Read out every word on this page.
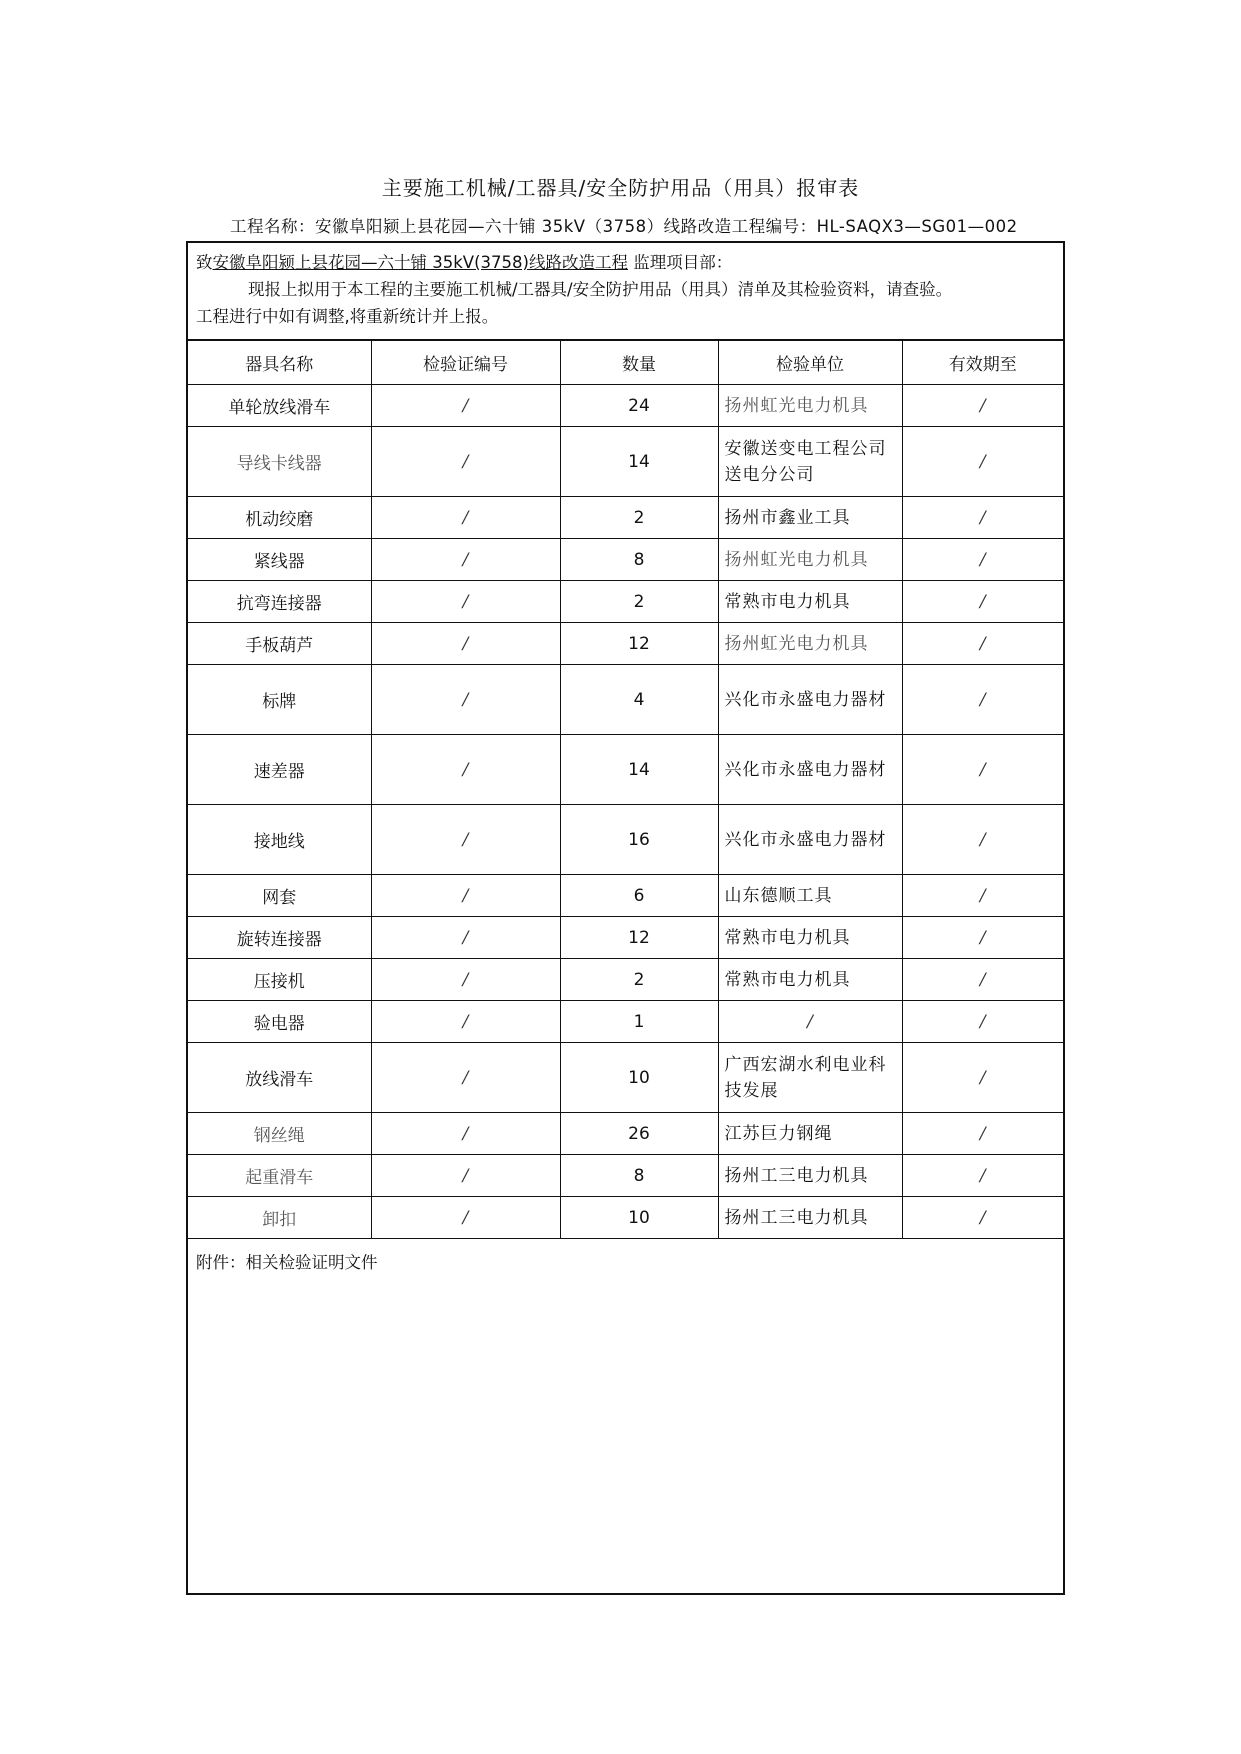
主要施工机械/工器具/安全防护用品（用具）报审表
工程名称：安徽阜阳颍上县花园—六十铺 35kV（3758）线路改造工程编号：HL-SAQX3—SG01—002
致安徽阜阳颍上县花园—六十铺 35kV(3758)线路改造工程 监理项目部：
现报上拟用于本工程的主要施工机械/工器具/安全防护用品（用具）清单及其检验资料，请查验。
工程进行中如有调整,将重新统计并上报。
器具名称	检验证编号	数量	检验单位	有效期至
单轮放线滑车	/	24	扬州虹光电力机具	/
导线卡线器	/	14	安徽送变电工程公司送电分公司	/
机动绞磨	/	2	扬州市鑫业工具	/
紧线器	/	8	扬州虹光电力机具	/
抗弯连接器	/	2	常熟市电力机具	/
手板葫芦	/	12	扬州虹光电力机具	/
标牌	/	4	兴化市永盛电力器材	/
速差器	/	14	兴化市永盛电力器材	/
接地线	/	16	兴化市永盛电力器材	/
网套	/	6	山东德顺工具	/
旋转连接器	/	12	常熟市电力机具	/
压接机	/	2	常熟市电力机具	/
验电器	/	1	/	/
放线滑车	/	10	广西宏湖水利电业科技发展	/
钢丝绳	/	26	江苏巨力钢绳	/
起重滑车	/	8	扬州工三电力机具	/
卸扣	/	10	扬州工三电力机具	/
附件：相关检验证明文件
